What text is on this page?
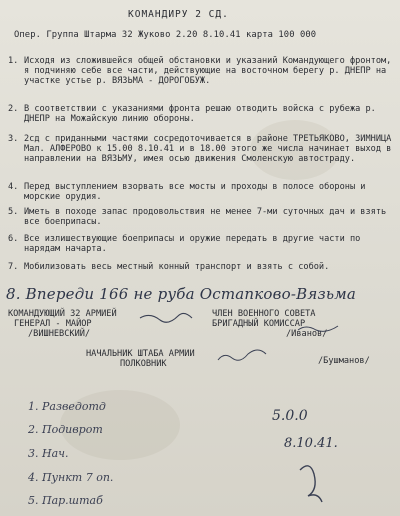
КОМАНДИРУ 2 СД.
Опер. Группа Штарма 32 Жуково 2.20 8.10.41 карта 100 000
1. Исходя из сложившейся общей обстановки и указаний Командующего фронтом, я подчиняю себе все части, действующие на восточном берегу р. ДНЕПР на участке устье р. ВЯЗЬМА - ДОРОГОБУЖ.
2. В соответствии с указаниями фронта решаю отводить войска с рубежа р. ДНЕПР на Можайскую линию обороны.
3. 2сд с приданными частями сосредоточивается в районе ТРЕТЬЯКОВО, ЗИМНИЦА Мал. АЛФЕРОВО к 15.00 8.10.41 и в 18.00 этого же числа начинает выход в направлении на ВЯЗЬМУ, имея осью движения Смоленскую автостраду.
4. Перед выступлением взорвать все мосты и проходы в полосе обороны и морские орудия.
5. Иметь в походе запас продовольствия не менее 7-ми суточных дач и взять все боеприпасы.
6. Все излишествующие боеприпасы и оружие передать в другие части по нарядам начарта.
7. Мобилизовать весь местный конный транспорт и взять с собой.
8. Впереди 166 не руба Остапково-Вязьма
КОМАНДУЮЩИЙ 32 АРМИЕЙ
ГЕНЕРАЛ - МАЙОР
/ВИШНЕВСКИЙ/
ЧЛЕН ВОЕННОГО СОВЕТА
БРИГАДНЫЙ КОМИССАР
/Иванов/
НАЧАЛЬНИК ШТАБА АРМИИ
ПОЛКОВНИК	/Бушманов/
1. Разведотд
2. Подиврот
3. Нач.
4. Пункт 7 оп.
5. Пар.штаб
5.0.0
8.10.41.
